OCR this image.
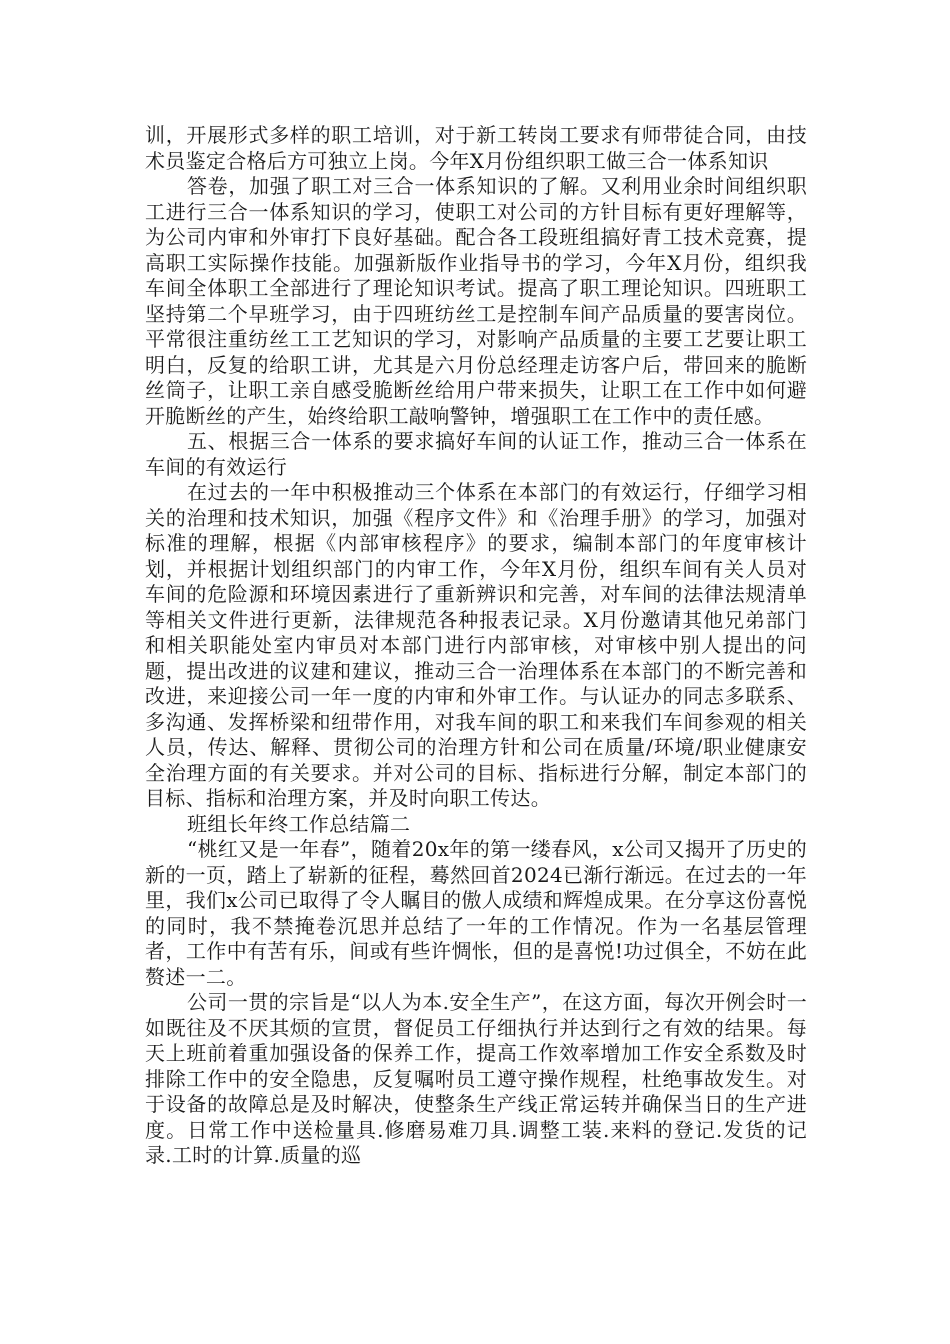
训，开展形式多样的职工培训，对于新工转岗工要求有师带徒合同，由技术员鉴定合格后方可独立上岗。今年X月份组织职工做三合一体系知识

答卷，加强了职工对三合一体系知识的了解。又利用业余时间组织职工进行三合一体系知识的学习，使职工对公司的方针目标有更好理解等，为公司内审和外审打下良好基础。配合各工段班组搞好青工技术竞赛，提高职工实际操作技能。加强新版作业指导书的学习，今年X月份，组织我车间全体职工全部进行了理论知识考试。提高了职工理论知识。四班职工坚持第二个早班学习，由于四班纺丝工是控制车间产品质量的要害岗位。平常很注重纺丝工工艺知识的学习，对影响产品质量的主要工艺要让职工明白，反复的给职工讲，尤其是六月份总经理走访客户后，带回来的脆断丝筒子，让职工亲自感受脆断丝给用户带来损失，让职工在工作中如何避开脆断丝的产生，始终给职工敲响警钟，增强职工在工作中的责任感。

五、根据三合一体系的要求搞好车间的认证工作，推动三合一体系在车间的有效运行

在过去的一年中积极推动三个体系在本部门的有效运行，仔细学习相关的治理和技术知识，加强《程序文件》和《治理手册》的学习，加强对标准的理解，根据《内部审核程序》的要求，编制本部门的年度审核计划，并根据计划组织部门的内审工作，今年X月份，组织车间有关人员对车间的危险源和环境因素进行了重新辨识和完善，对车间的法律法规清单等相关文件进行更新，法律规范各种报表记录。X月份邀请其他兄弟部门和相关职能处室内审员对本部门进行内部审核，对审核中别人提出的问题，提出改进的议建和建议，推动三合一治理体系在本部门的不断完善和改进，来迎接公司一年一度的内审和外审工作。与认证办的同志多联系、多沟通、发挥桥梁和纽带作用，对我车间的职工和来我们车间参观的相关人员，传达、解释、贯彻公司的治理方针和公司在质量/环境/职业健康安全治理方面的有关要求。并对公司的目标、指标进行分解，制定本部门的目标、指标和治理方案，并及时向职工传达。

班组长年终工作总结篇二

“桃红又是一年春”，随着20x年的第一缕春风，x公司又揭开了历史的新的一页，踏上了崭新的征程，蓦然回首2024已渐行渐远。在过去的一年里，我们x公司已取得了令人瞩目的傲人成绩和辉煌成果。在分享这份喜悦的同时，我不禁掩卷沉思并总结了一年的工作情况。作为一名基层管理者，工作中有苦有乐，间或有些许惆怅，但的是喜悦!功过俱全，不妨在此赘述一二。

公司一贯的宗旨是“以人为本.安全生产”，在这方面，每次开例会时一如既往及不厌其烦的宣贯，督促员工仔细执行并达到行之有效的结果。每天上班前着重加强设备的保养工作，提高工作效率增加工作安全系数及时排除工作中的安全隐患，反复嘱咐员工遵守操作规程，杜绝事故发生。对于设备的故障总是及时解决，使整条生产线正常运转并确保当日的生产进度。日常工作中送检量具.修磨易难刀具.调整工装.来料的登记.发货的记录.工时的计算.质量的巡
